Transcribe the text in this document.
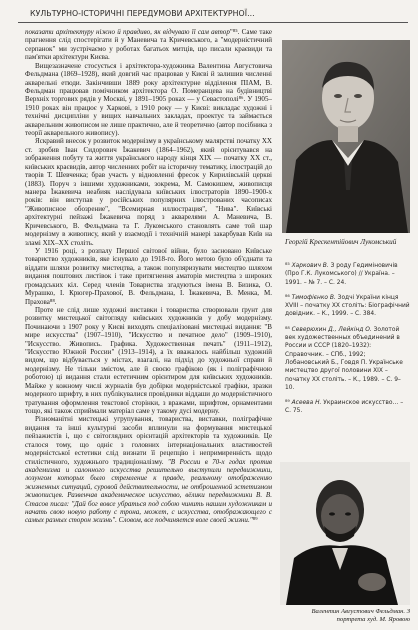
КУЛЬТУРНО-ІСТОРИЧНІ ПЕРЕДУМОВИ АРХІТЕКТУРНОЇ...

показати архітектуру ніжно й правдиво, як відчуваю її сам автор"⁸⁵. Саме таке прагнення слід спостерігати й у Маневича та Кричевського, а "модерністичний серпанок" ми зустрічаємо у роботах багатьох митців, що писали краєвиди та пам'ятки архітектури Києва.

Вищезазначене стосується і архітектора-художника Валентина Августовича Фельдмана (1869–1928), який довгий час працював у Києві й залишив численні акварельні етюди. Закінчивши 1889 року архітектурне відділення ПІАМ, В. Фельдман працював помічником архітектора О. Померанцева на будівництві Верхніх торгових рядів у Москві, у 1891–1905 роках — у Севастополі⁸⁶. У 1905–1910 роках він працює у Харкові, з 1910 року — у Києві: викладає художні і технічні дисципліни у вищих навчальних закладах, проектує та займається акварельним живописом не лише практично, але й теоретично (автор посібника з теорії акварельного живопису).

Яскравий внесок у розвиток модернізму в українському малярстві початку ХХ ст. зробив Іван Сидорович Їжакевич (1864–1962), який орієнтувався на зображення побуту та життя українського народу кінця ХІХ — початку ХХ ст., київських краєвидів, автор численних робіт на історичну тематику, ілюстрацій до творів Т. Шевченка; брав участь у відновленні фресок у Кирилівській церкві (1883). Поруч з іншими художниками, зокрема, М. Самокишем, живописця манера Їжакевича неабияк наслідувала київських ілюстраторів 1890–1900-х років: він виступав у російських популярних ілюстрованих часописах "Живописное обозрение", "Всемирная иллюстрация", "Нива". Київські архітектурні пейзажі Їжакевича поряд з акварелями А. Маневича, В. Кричевського, В. Фельдмана та Г. Лукомського становлять саме той шар модернізму в живопису, який у взаємодії і технічній манері закарбував Київ на зламі ХІХ–ХХ століть.

У 1916 році, з розпалу Першої світової війни, було засновано Київське товариство художників, яке існувало до 1918-го. Його метою було об'єднати та віддати шляхи розвитку мистецтва, а також популяризувати мистецтво шляхом видання поштових листівок і таке притягнення аматорів мистецтва з широких громадських кіл. Серед членів Товариства згадуються імена В. Бизика, О. Мурашко, І. Крюгер-Прахової, В. Фельдмана, І. Їжакевича, В. Менка, М. Прахова⁸⁸.

Проте не слід лише художні виставки і товариства створювали ґрунт для розвитку мистецької світогляду київських художників у добу модернізму. Починаючи з 1907 року у Києві виходять спеціалізовані мистецькі видання: "В мире искусства" (1907–1910), "Искусство и печатное дело" (1909–1910), "Искусство. Живопись. Графика. Художественная печать" (1911–1912), "Искусство Южной России" (1913–1914), а їх вважалось найбільш художній видом, що відбувається у містах, взагалі, на підхід до художньої справи й модернізму. Не тільки змістом, але й своєю графікою (як і поліграфічною роботою) ці видання стали естетичним орієнтиром для київських художників. Майже у кожному числі журналів був добірки модерністської графіки, зразки модерного шрифту, в них публікувалися провідники віддаши до модерністичного тратування оформлення текстової сторінки, з вражами, шрифтом, орнаментами тощо, які також сприймали матеріал саме у такому дусі модерну.

Різноманітні мистецькі угрупування, товариства, виставки, поліграфічне видання та інші культурні засоби вплинули на формування мистецької пейзажистів і, що є світоглядних орієнтацій архітекторів та художників. Це сталося тому, що одніє з головних інтернаціональних властивостей модерністської естетики слід визнати її рецепцію і непримиренність щодо стилістичного, художнього традиціоналізму. "В России в 70-х годах против академизма и салонного искусства решительно выступили передвижники, лозунгом которых было стремление к правде, реальному отображению жизненных ситуаций, суровой действительности, не отброшенной эстетизмом живописцев. Развенчав академическое искусство, вёлики передвижники В. В. Стасов писал: "Дай бог вовсе убраться под собою чинить нашим художникам и начать свою новую работу с трона, может, с искусства, отображающего с самых разных сторон жизнь". Словом, все подчиняется воле своей жизни."⁸⁹

Георгій Крескентійович Лукомський
⁸⁵ Харкович В. З роду Гедиміновичів (Про Г.К. Лукомського) // Україна. – 1991. – № 7. – С. 24.
⁸⁶ Тимофієнко В. Зодчі України кінця XVIII – початку XX століть: Біографічний довідник. – К., 1999. – С. 384.
⁸⁸ Северюхин Д., Лейкінд О. Золотой век художественных объединений в России и СССР (1820–1932): Справочник. – СПб., 1992; Лобановський Б., Говдя П. Українське мистецтво другої половини XIX – початку XX століть. – К., 1989. – С. 9–10.
⁸⁹ Асеева Н. Украинское искусство… – С. 75.
Валентин Августович Фельдман. З портрета худ. М. Яровою
